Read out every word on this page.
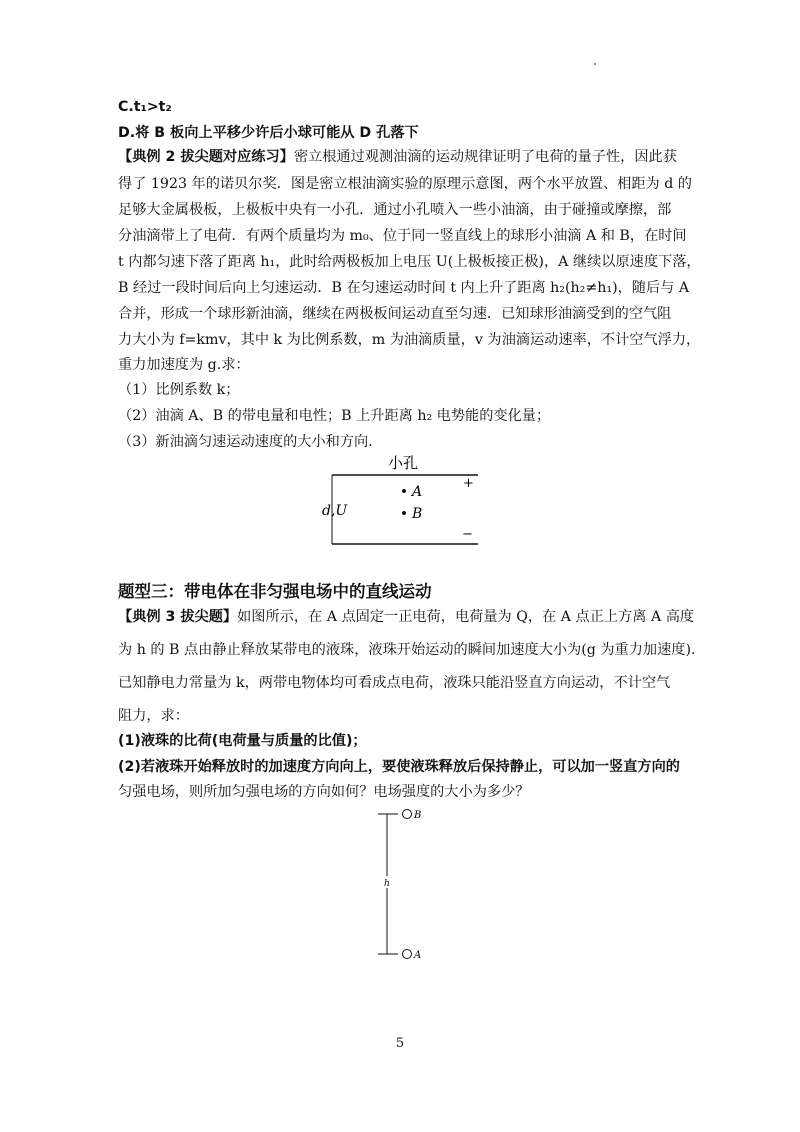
C.t₁>t₂
D.将 B 板向上平移少许后小球可能从 D 孔落下
【典例 2 拔尖题对应练习】密立根通过观测油滴的运动规律证明了电荷的量子性，因此获
得了 1923 年的诺贝尔奖．图是密立根油滴实验的原理示意图，两个水平放置、相距为 d 的
足够大金属极板，上极板中央有一小孔．通过小孔喷入一些小油滴，由于碰撞或摩擦，部
分油滴带上了电荷．有两个质量均为 m₀、位于同一竖直线上的球形小油滴 A 和 B，在时间
t 内都匀速下落了距离 h₁，此时给两极板加上电压 U(上极板接正极)，A 继续以原速度下落，
B 经过一段时间后向上匀速运动．B 在匀速运动时间 t 内上升了距离 h₂(h₂≠h₁)，随后与 A
合并，形成一个球形新油滴，继续在两极板间运动直至匀速．已知球形油滴受到的空气阻
力大小为 f=kmv，其中 k 为比例系数，m 为油滴质量，v 为油滴运动速率，不计空气浮力，
重力加速度为 g.求：
（1）比例系数 k；
（2）油滴 A、B 的带电量和电性；B 上升距离 h₂ 电势能的变化量；
（3）新油滴匀速运动速度的大小和方向．
小孔
+
−
d,U
A
B
题型三：带电体在非匀强电场中的直线运动
【典例 3 拔尖题】如图所示，在 A 点固定一正电荷，电荷量为 Q，在 A 点正上方离 A 高度
为 h 的 B 点由静止释放某带电的液珠，液珠开始运动的瞬间加速度大小为(g 为重力加速度).
已知静电力常量为 k，两带电物体均可看成点电荷，液珠只能沿竖直方向运动，不计空气
阻力，求：
(1)液珠的比荷(电荷量与质量的比值)；
(2)若液珠开始释放时的加速度方向向上，要使液珠释放后保持静止，可以加一竖直方向的
匀强电场，则所加匀强电场的方向如何？电场强度的大小为多少？
B
h
A
5
